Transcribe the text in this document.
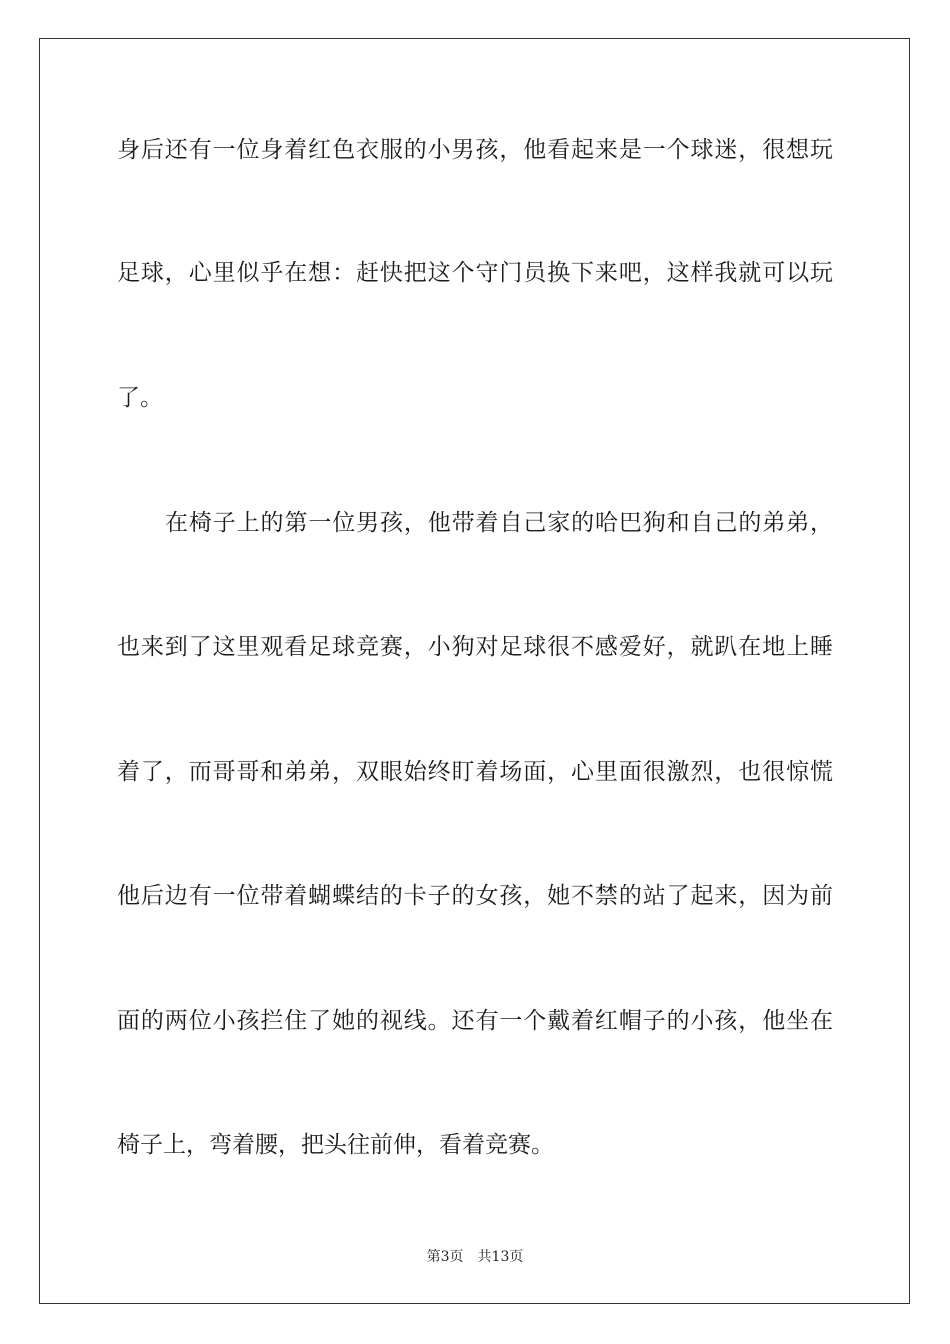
身后还有一位身着红色衣服的小男孩，他看起来是一个球迷，很想玩
足球，心里似乎在想：赶快把这个守门员换下来吧，这样我就可以玩
了。
在椅子上的第一位男孩，他带着自己家的哈巴狗和自己的弟弟，
也来到了这里观看足球竞赛，小狗对足球很不感爱好，就趴在地上睡
着了，而哥哥和弟弟，双眼始终盯着场面，心里面很激烈，也很惊慌
他后边有一位带着蝴蝶结的卡子的女孩，她不禁的站了起来，因为前
面的两位小孩拦住了她的视线。还有一个戴着红帽子的小孩，他坐在
椅子上，弯着腰，把头往前伸，看着竞赛。
第3页 共13页
